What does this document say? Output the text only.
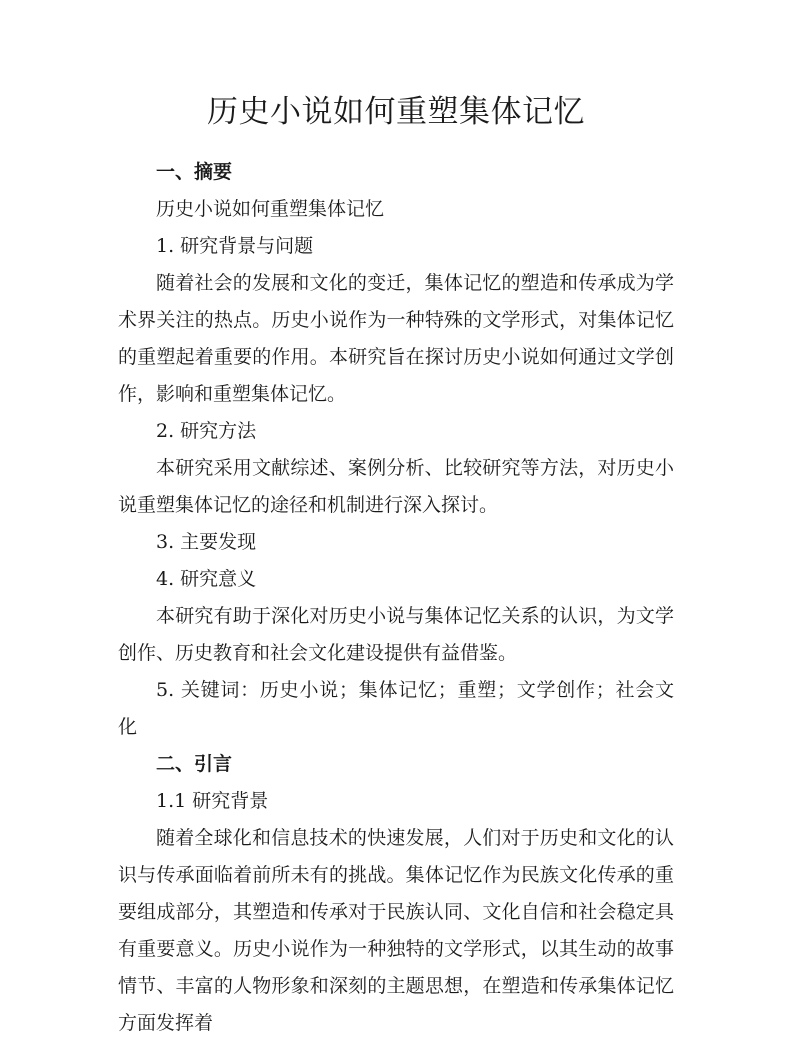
历史小说如何重塑集体记忆

一、摘要

历史小说如何重塑集体记忆

1. 研究背景与问题

随着社会的发展和文化的变迁，集体记忆的塑造和传承成为学术界关注的热点。历史小说作为一种特殊的文学形式，对集体记忆的重塑起着重要的作用。本研究旨在探讨历史小说如何通过文学创作，影响和重塑集体记忆。

2. 研究方法

本研究采用文献综述、案例分析、比较研究等方法，对历史小说重塑集体记忆的途径和机制进行深入探讨。

3. 主要发现

4. 研究意义

本研究有助于深化对历史小说与集体记忆关系的认识，为文学创作、历史教育和社会文化建设提供有益借鉴。

5. 关键词：历史小说；集体记忆；重塑；文学创作；社会文化

二、引言

1.1 研究背景

随着全球化和信息技术的快速发展，人们对于历史和文化的认识与传承面临着前所未有的挑战。集体记忆作为民族文化传承的重要组成部分，其塑造和传承对于民族认同、文化自信和社会稳定具有重要意义。历史小说作为一种独特的文学形式，以其生动的故事情节、丰富的人物形象和深刻的主题思想，在塑造和传承集体记忆方面发挥着
